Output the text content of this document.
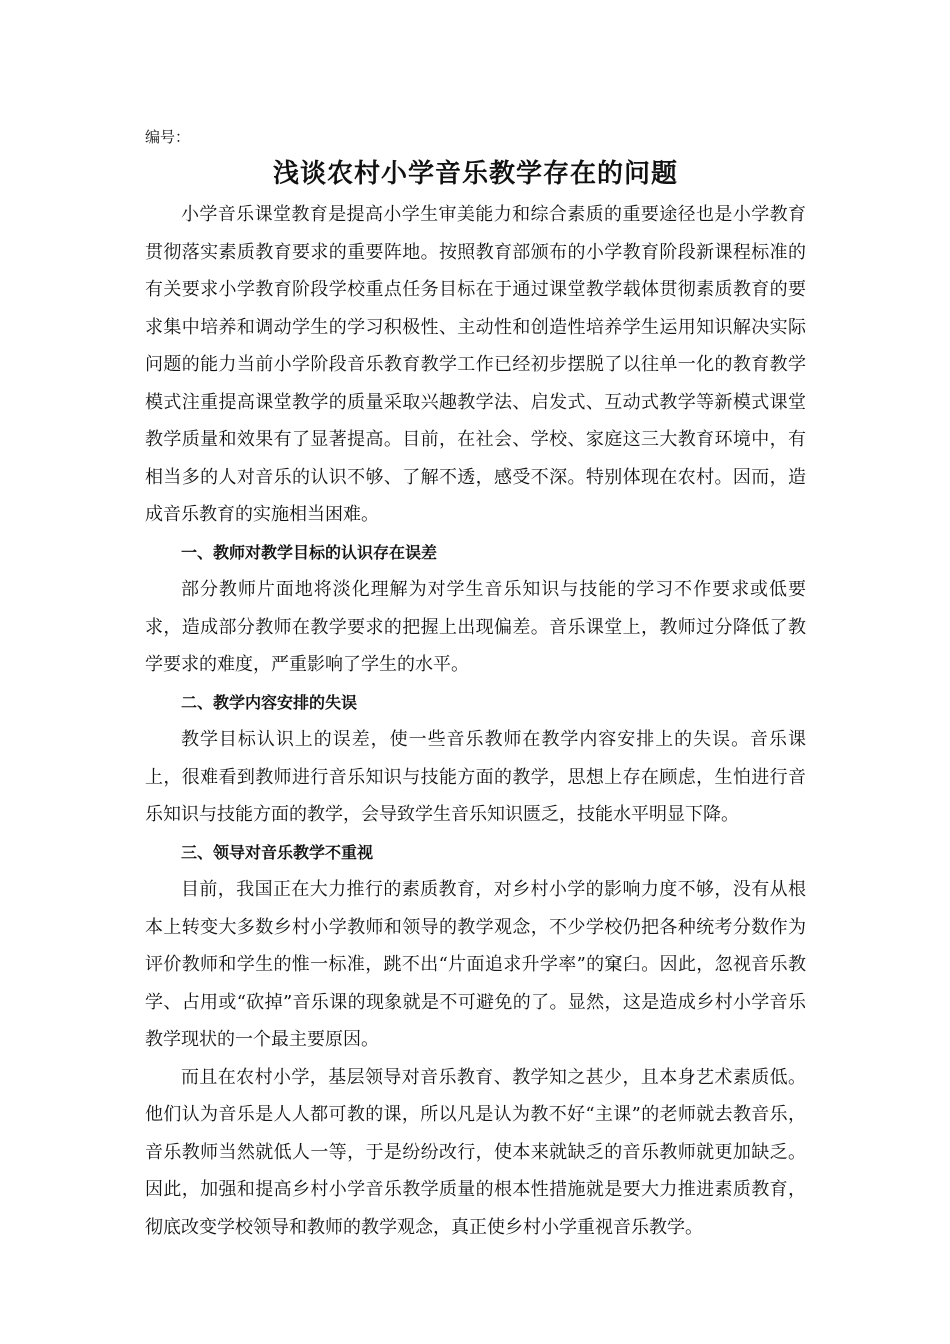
编号：
浅谈农村小学音乐教学存在的问题

小学音乐课堂教育是提高小学生审美能力和综合素质的重要途径也是小学教育贯彻落实素质教育要求的重要阵地。按照教育部颁布的小学教育阶段新课程标准的有关要求小学教育阶段学校重点任务目标在于通过课堂教学载体贯彻素质教育的要求集中培养和调动学生的学习积极性、主动性和创造性培养学生运用知识解决实际问题的能力当前小学阶段音乐教育教学工作已经初步摆脱了以往单一化的教育教学模式注重提高课堂教学的质量采取兴趣教学法、启发式、互动式教学等新模式课堂教学质量和效果有了显著提高。目前，在社会、学校、家庭这三大教育环境中，有相当多的人对音乐的认识不够、了解不透，感受不深。特别体现在农村。因而，造成音乐教育的实施相当困难。

一、教师对教学目标的认识存在误差

部分教师片面地将淡化理解为对学生音乐知识与技能的学习不作要求或低要求，造成部分教师在教学要求的把握上出现偏差。音乐课堂上，教师过分降低了教学要求的难度，严重影响了学生的水平。

二、教学内容安排的失误

教学目标认识上的误差，使一些音乐教师在教学内容安排上的失误。音乐课上，很难看到教师进行音乐知识与技能方面的教学，思想上存在顾虑，生怕进行音乐知识与技能方面的教学，会导致学生音乐知识匮乏，技能水平明显下降。

三、领导对音乐教学不重视

目前，我国正在大力推行的素质教育，对乡村小学的影响力度不够，没有从根本上转变大多数乡村小学教师和领导的教学观念，不少学校仍把各种统考分数作为评价教师和学生的惟一标准，跳不出“片面追求升学率”的窠臼。因此，忽视音乐教学、占用或“砍掉”音乐课的现象就是不可避免的了。显然，这是造成乡村小学音乐教学现状的一个最主要原因。

而且在农村小学，基层领导对音乐教育、教学知之甚少，且本身艺术素质低。他们认为音乐是人人都可教的课，所以凡是认为教不好“主课”的老师就去教音乐，音乐教师当然就低人一等，于是纷纷改行，使本来就缺乏的音乐教师就更加缺乏。因此，加强和提高乡村小学音乐教学质量的根本性措施就是要大力推进素质教育，彻底改变学校领导和教师的教学观念，真正使乡村小学重视音乐教学。
